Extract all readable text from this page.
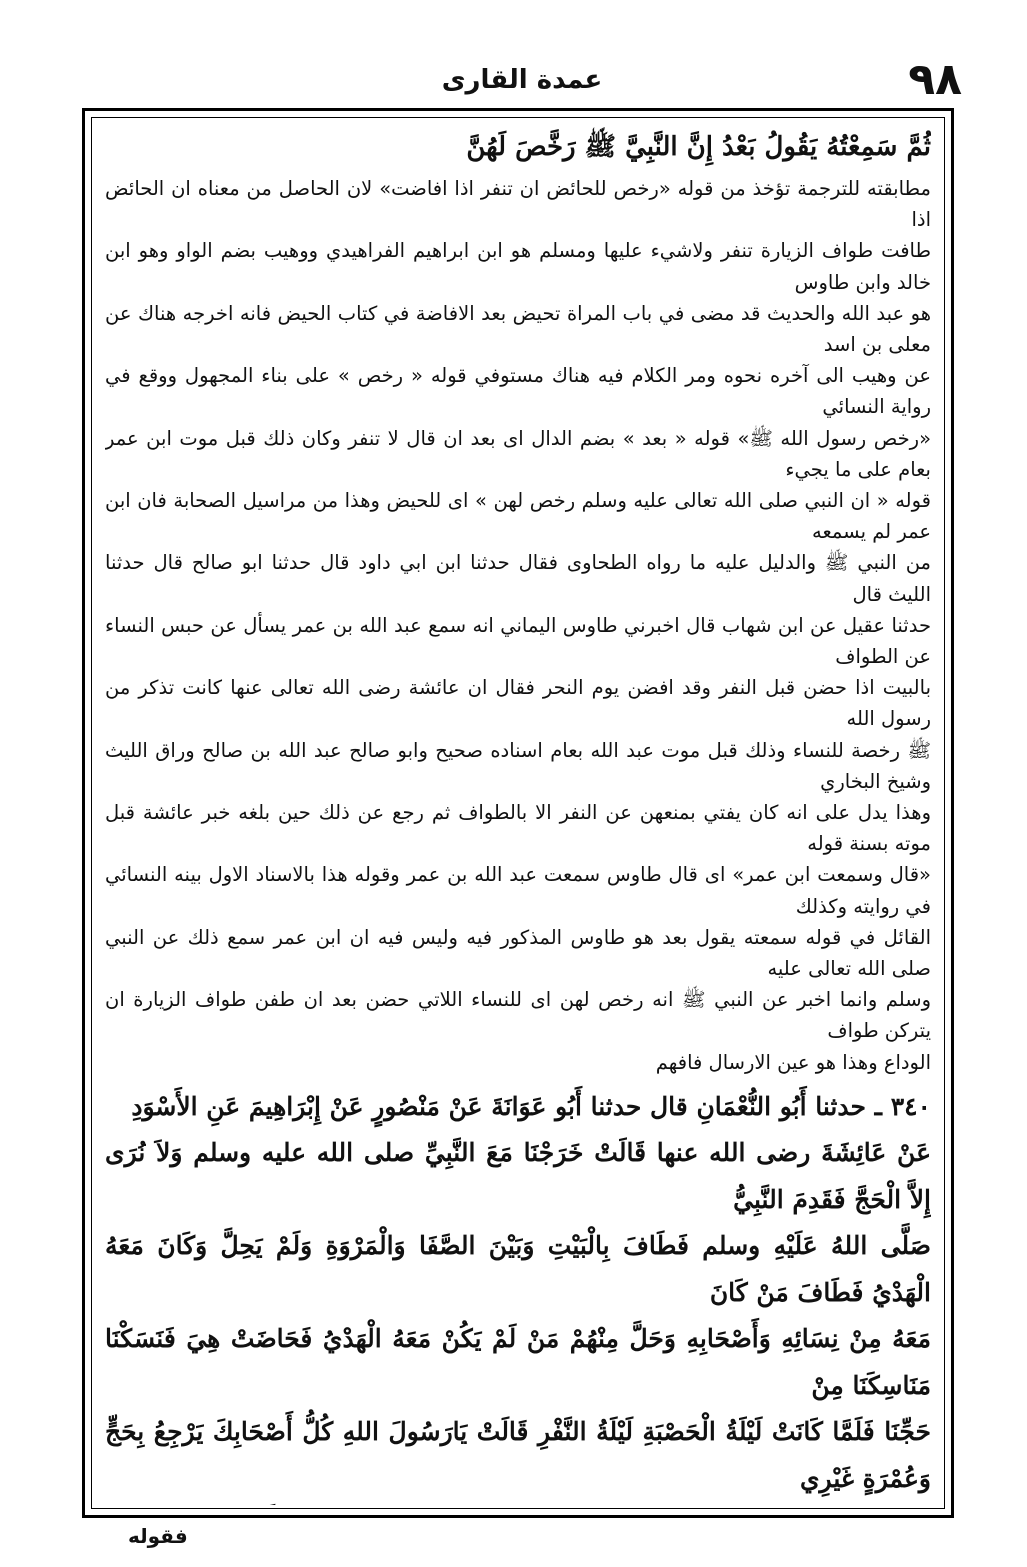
٩٨
عمدة القارى

ثُمَّ سَمِعْتُهُ يَقُولُ بَعْدُ إِنَّ النَّبِيَّ ﷺ رَخَّصَ لَهُنَّ

مطابقته للترجمة تؤخذ من قوله «رخص للحائض ان تنفر اذا افاضت» لان الحاصل من معناه ان الحائض اذا
طافت طواف الزيارة تنفر ولاشيء عليها ومسلم هو ابن ابراهيم الفراهيدي ووهيب بضم الواو وهو ابن خالد وابن طاوس
هو عبد الله والحديث قد مضى في باب المراة تحيض بعد الافاضة في كتاب الحيض فانه اخرجه هناك عن معلى بن اسد
عن وهيب الى آخره نحوه ومر الكلام فيه هناك مستوفي قوله « رخص » على بناء المجهول ووقع في رواية النسائي
«رخص رسول الله ﷺ» قوله « بعد » بضم الدال اى بعد ان قال لا تنفر وكان ذلك قبل موت ابن عمر بعام على ما يجيء
قوله « ان النبي صلى الله تعالى عليه وسلم رخص لهن » اى للحيض وهذا من مراسيل الصحابة فان ابن عمر لم يسمعه
من النبي ﷺ والدليل عليه ما رواه الطحاوى فقال حدثنا ابن ابي داود قال حدثنا ابو صالح قال حدثنا الليث قال
حدثنا عقيل عن ابن شهاب قال اخبرني طاوس اليماني انه سمع عبد الله بن عمر يسأل عن حبس النساء عن الطواف
بالبيت اذا حضن قبل النفر وقد افضن يوم النحر فقال ان عائشة رضى الله تعالى عنها كانت تذكر من رسول الله
ﷺ رخصة للنساء وذلك قبل موت عبد الله بعام اسناده صحيح وابو صالح عبد الله بن صالح وراق الليث وشيخ البخاري
وهذا يدل على انه كان يفتي بمنعهن عن النفر الا بالطواف ثم رجع عن ذلك حين بلغه خبر عائشة قبل موته بسنة قوله
«قال وسمعت ابن عمر» اى قال طاوس سمعت عبد الله بن عمر وقوله هذا بالاسناد الاول بينه النسائي في روايته وكذلك
القائل في قوله سمعته يقول بعد هو طاوس المذكور فيه وليس فيه ان ابن عمر سمع ذلك عن النبي صلى الله تعالى عليه
وسلم وانما اخبر عن النبي ﷺ انه رخص لهن اى للنساء اللاتي حضن بعد ان طفن طواف الزيارة ان يتركن طواف
الوداع وهذا هو عين الارسال فافهم

٣٤٠ ـ حدثنا أَبُو النُّعْمَانِ قال حدثنا أَبُو عَوَانَةَ عَنْ مَنْصُورٍ عَنْ إِبْرَاهِيمَ عَنِ الأَسْوَدِ
عَنْ عَائِشَةَ رضى الله عنها قَالَتْ خَرَجْنَا مَعَ النَّبِيِّ صلى الله عليه وسلم وَلاَ نُرَى إِلاَّ الْحَجَّ فَقَدِمَ النَّبِيُّ
صَلَّى اللهُ عَلَيْهِ وسلم فَطَافَ بِالْبَيْتِ وَبَيْنَ الصَّفَا وَالْمَرْوَةِ وَلَمْ يَحِلَّ وَكَانَ مَعَهُ الْهَدْيُ فَطَافَ مَنْ كَانَ
مَعَهُ مِنْ نِسَائِهِ وَأَصْحَابِهِ وَحَلَّ مِنْهُمْ مَنْ لَمْ يَكُنْ مَعَهُ الْهَدْيُ فَحَاضَتْ هِيَ فَنَسَكْنَا مَنَاسِكَنَا مِنْ
حَجِّنَا فَلَمَّا كَانَتْ لَيْلَةُ الْحَصْبَةِ لَيْلَةُ النَّفْرِ قَالَتْ يَارَسُولَ اللهِ كُلُّ أَصْحَابِكَ يَرْجِعُ بِحَجٍّ وَعُمْرَةٍ غَيْرِي

فقوله
